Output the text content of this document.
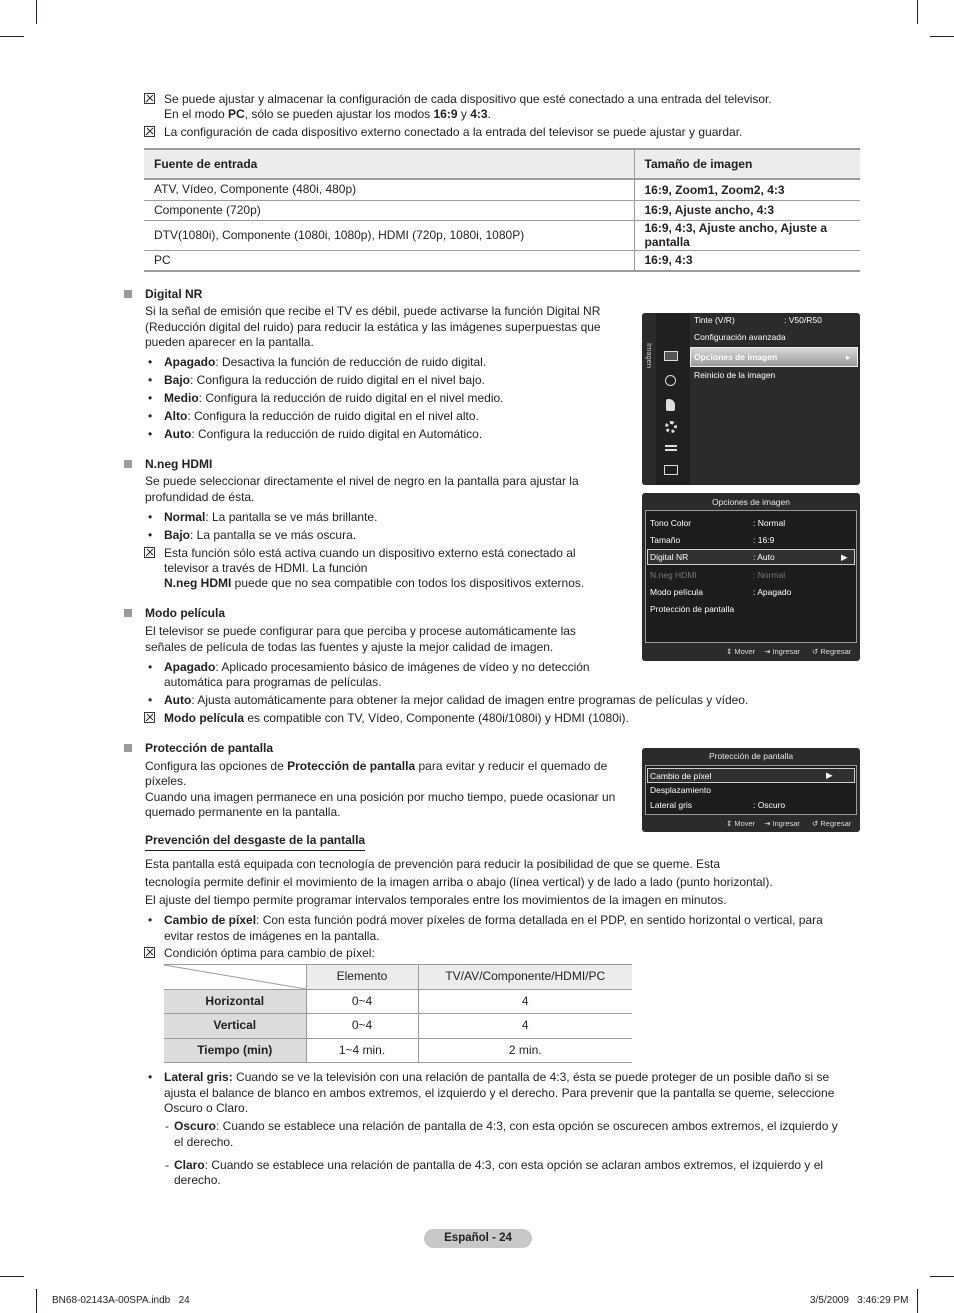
Se puede ajustar y almacenar la configuración de cada dispositivo que esté conectado a una entrada del televisor.
En el modo PC, sólo se pueden ajustar los modos 16:9 y 4:3.
La configuración de cada dispositivo externo conectado a la entrada del televisor se puede ajustar y guardar.
Fuente de entrada	Tamaño de imagen
ATV, Vídeo, Componente (480i, 480p)	16:9, Zoom1, Zoom2, 4:3
Componente (720p)	16:9, Ajuste ancho, 4:3
DTV(1080i), Componente (1080i, 1080p), HDMI (720p, 1080i, 1080P)	16:9, 4:3, Ajuste ancho, Ajuste a pantalla
PC	16:9, 4:3
Digital NR
Si la señal de emisión que recibe el TV es débil, puede activarse la función Digital NR
(Reducción digital del ruido) para reducir la estática y las imágenes superpuestas que
pueden aparecer en la pantalla.
• Apagado: Desactiva la función de reducción de ruido digital.
• Bajo: Configura la reducción de ruido digital en el nivel bajo.
• Medio: Configura la reducción de ruido digital en el nivel medio.
• Alto: Configura la reducción de ruido digital en el nivel alto.
• Auto: Configura la reducción de ruido digital en Automático.
Imagen
Tinte (V/R)	: V50/R50
Configuración avanzada
Opciones de imagen	▸
Reinicio de la imagen
Opciones de imagen
Tono Color	: Normal
Tamaño	: 16:9
Digital NR	: Auto	▶
N.neg HDMI	: Normal
Modo película	: Apagado
Protección de pantalla
⇕ Mover ⇥ Ingresar ↺ Regresar
N.neg HDMI
Se puede seleccionar directamente el nivel de negro en la pantalla para ajustar la
profundidad de ésta.
• Normal: La pantalla se ve más brillante.
• Bajo: La pantalla se ve más oscura.
Esta función sólo está activa cuando un dispositivo externo está conectado al
televisor a través de HDMI. La función
N.neg HDMI puede que no sea compatible con todos los dispositivos externos.
Modo película
El televisor se puede configurar para que perciba y procese automáticamente las
señales de película de todas las fuentes y ajuste la mejor calidad de imagen.
• Apagado: Aplicado procesamiento básico de imágenes de vídeo y no detección
automática para programas de películas.
• Auto: Ajusta automáticamente para obtener la mejor calidad de imagen entre programas de películas y vídeo.
Modo película es compatible con TV, Vídeo, Componente (480i/1080i) y HDMI (1080i).
Protección de pantalla
Configura las opciones de Protección de pantalla para evitar y reducir el quemado de
píxeles.
Cuando una imagen permanece en una posición por mucho tiempo, puede ocasionar un
quemado permanente en la pantalla.
Protección de pantalla
Cambio de píxel	▶
Desplazamiento
Lateral gris	: Oscuro
⇕ Mover ⇥ Ingresar ↺ Regresar
Prevención del desgaste de la pantalla
Esta pantalla está equipada con tecnología de prevención para reducir la posibilidad de que se queme. Esta
tecnología permite definir el movimiento de la imagen arriba o abajo (línea vertical) y de lado a lado (punto horizontal).
El ajuste del tiempo permite programar intervalos temporales entre los movimientos de la imagen en minutos.
• Cambio de píxel: Con esta función podrá mover píxeles de forma detallada en el PDP, en sentido horizontal o vertical, para
evitar restos de imágenes en la pantalla.
Condición óptima para cambio de píxel:
	Elemento	TV/AV/Componente/HDMI/PC
Horizontal	0~4	4
Vertical	0~4	4
Tiempo (min)	1~4 min.	2 min.
• Lateral gris: Cuando se ve la televisión con una relación de pantalla de 4:3, ésta se puede proteger de un posible daño si se
ajusta el balance de blanco en ambos extremos, el izquierdo y el derecho. Para prevenir que la pantalla se queme, seleccione
Oscuro o Claro.
- Oscuro: Cuando se establece una relación de pantalla de 4:3, con esta opción se oscurecen ambos extremos, el izquierdo y
el derecho.
- Claro: Cuando se establece una relación de pantalla de 4:3, con esta opción se aclaran ambos extremos, el izquierdo y el
derecho.
Español - 24
BN68-02143A-00SPA.indb   24	3/5/2009   3:46:29 PM
